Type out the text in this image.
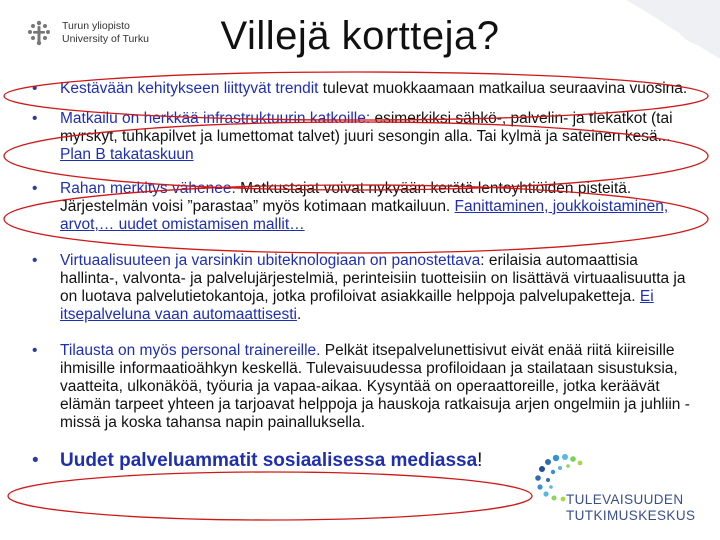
Turun yliopisto
University of Turku	Villejä kortteja?
• Kestävään kehitykseen liittyvät trendit tulevat muokkaamaan matkailua seuraavina vuosina.
• Matkailu on herkkää infrastruktuurin katkoille: esimerkiksi sähkö-, palvelin- ja tiekatkot (tai myrskyt, tuhkapilvet ja lumettomat talvet) juuri sesongin alla. Tai kylmä ja sateinen kesä... Plan B takataskuun
• Rahan merkitys vähenee. Matkustajat voivat nykyään kerätä lentoyhtiöiden pisteitä. Järjestelmän voisi ”parastaa” myös kotimaan matkailuun. Fanittaminen, joukkoistaminen, arvot,… uudet omistamisen mallit…
• Virtuaalisuuteen ja varsinkin ubiteknologiaan on panostettava: erilaisia automaattisia hallinta-, valvonta- ja palvelujärjestelmiä, perinteisiin tuotteisiin on lisättävä virtuaalisuutta ja on luotava palvelutietokantoja, jotka profiloivat asiakkaille helppoja palvelupaketteja. Ei itsepalveluna vaan automaattisesti.
• Tilausta on myös personal trainereille. Pelkät itsepalvelunettisivut eivät enää riitä kiireisille ihmisille informaatioähkyn keskellä. Tulevaisuudessa profiloidaan ja stailataan sisustuksia, vaatteita, ulkonäköä, työuria ja vapaa-aikaa. Kysyntää on operaattoreille, jotka keräävät elämän tarpeet yhteen ja tarjoavat helppoja ja hauskoja ratkaisuja arjen ongelmiin ja juhliin - missä ja koska tahansa napin painalluksella.
• Uudet palveluammatit sosiaalisessa mediassa!
TULEVAISUUDEN
TUTKIMUSKESKUS
